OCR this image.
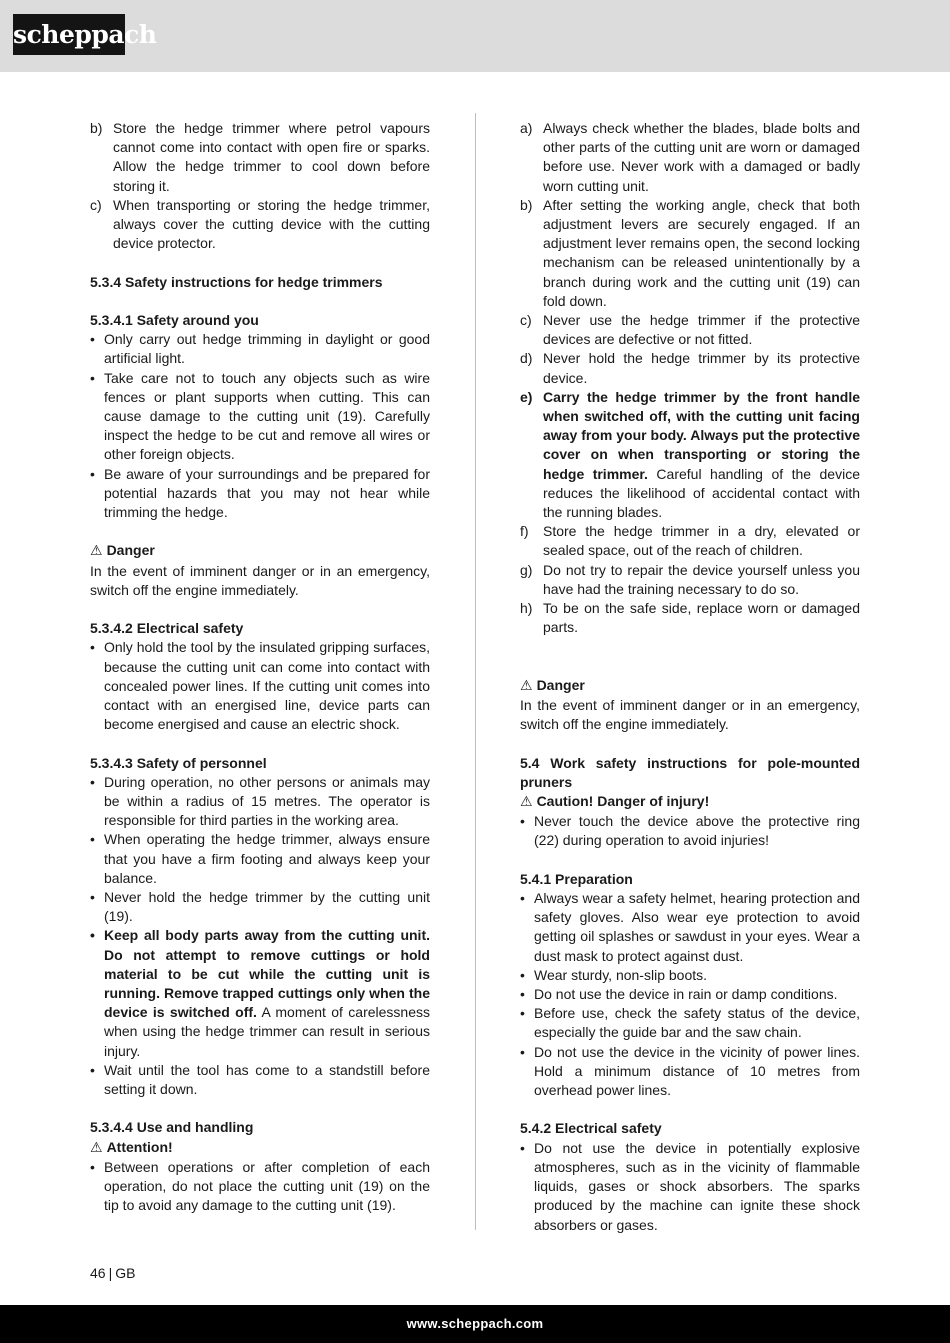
scheppach
b) Store the hedge trimmer where petrol vapours cannot come into contact with open fire or sparks. Allow the hedge trimmer to cool down before storing it.
c) When transporting or storing the hedge trimmer, always cover the cutting device with the cutting device protector.
5.3.4 Safety instructions for hedge trimmers
5.3.4.1 Safety around you
• Only carry out hedge trimming in daylight or good artificial light.
• Take care not to touch any objects such as wire fences or plant supports when cutting. This can cause damage to the cutting unit (19). Carefully inspect the hedge to be cut and remove all wires or other foreign objects.
• Be aware of your surroundings and be prepared for potential hazards that you may not hear while trimming the hedge.
⚠ Danger
In the event of imminent danger or in an emergency, switch off the engine immediately.
5.3.4.2 Electrical safety
• Only hold the tool by the insulated gripping surfaces, because the cutting unit can come into contact with concealed power lines. If the cutting unit comes into contact with an energised line, device parts can become energised and cause an electric shock.
5.3.4.3 Safety of personnel
• During operation, no other persons or animals may be within a radius of 15 metres. The operator is responsible for third parties in the working area.
• When operating the hedge trimmer, always ensure that you have a firm footing and always keep your balance.
• Never hold the hedge trimmer by the cutting unit (19).
• Keep all body parts away from the cutting unit. Do not attempt to remove cuttings or hold material to be cut while the cutting unit is running. Remove trapped cuttings only when the device is switched off. A moment of carelessness when using the hedge trimmer can result in serious injury.
• Wait until the tool has come to a standstill before setting it down.
5.3.4.4 Use and handling
⚠ Attention!
• Between operations or after completion of each operation, do not place the cutting unit (19) on the tip to avoid any damage to the cutting unit (19).
a) Always check whether the blades, blade bolts and other parts of the cutting unit are worn or damaged before use. Never work with a damaged or badly worn cutting unit.
b) After setting the working angle, check that both adjustment levers are securely engaged. If an adjustment lever remains open, the second locking mechanism can be released unintentionally by a branch during work and the cutting unit (19) can fold down.
c) Never use the hedge trimmer if the protective devices are defective or not fitted.
d) Never hold the hedge trimmer by its protective device.
e) Carry the hedge trimmer by the front handle when switched off, with the cutting unit facing away from your body. Always put the protective cover on when transporting or storing the hedge trimmer. Careful handling of the device reduces the likelihood of accidental contact with the running blades.
f) Store the hedge trimmer in a dry, elevated or sealed space, out of the reach of children.
g) Do not try to repair the device yourself unless you have had the training necessary to do so.
h) To be on the safe side, replace worn or damaged parts.
⚠ Danger
In the event of imminent danger or in an emergency, switch off the engine immediately.
5.4 Work safety instructions for pole-mounted pruners
⚠ Caution! Danger of injury!
• Never touch the device above the protective ring (22) during operation to avoid injuries!
5.4.1 Preparation
• Always wear a safety helmet, hearing protection and safety gloves. Also wear eye protection to avoid getting oil splashes or sawdust in your eyes. Wear a dust mask to protect against dust.
• Wear sturdy, non-slip boots.
• Do not use the device in rain or damp conditions.
• Before use, check the safety status of the device, especially the guide bar and the saw chain.
• Do not use the device in the vicinity of power lines. Hold a minimum distance of 10 metres from overhead power lines.
5.4.2 Electrical safety
• Do not use the device in potentially explosive atmospheres, such as in the vicinity of flammable liquids, gases or shock absorbers. The sparks produced by the machine can ignite these shock absorbers or gases.
46 | GB
www.scheppach.com
